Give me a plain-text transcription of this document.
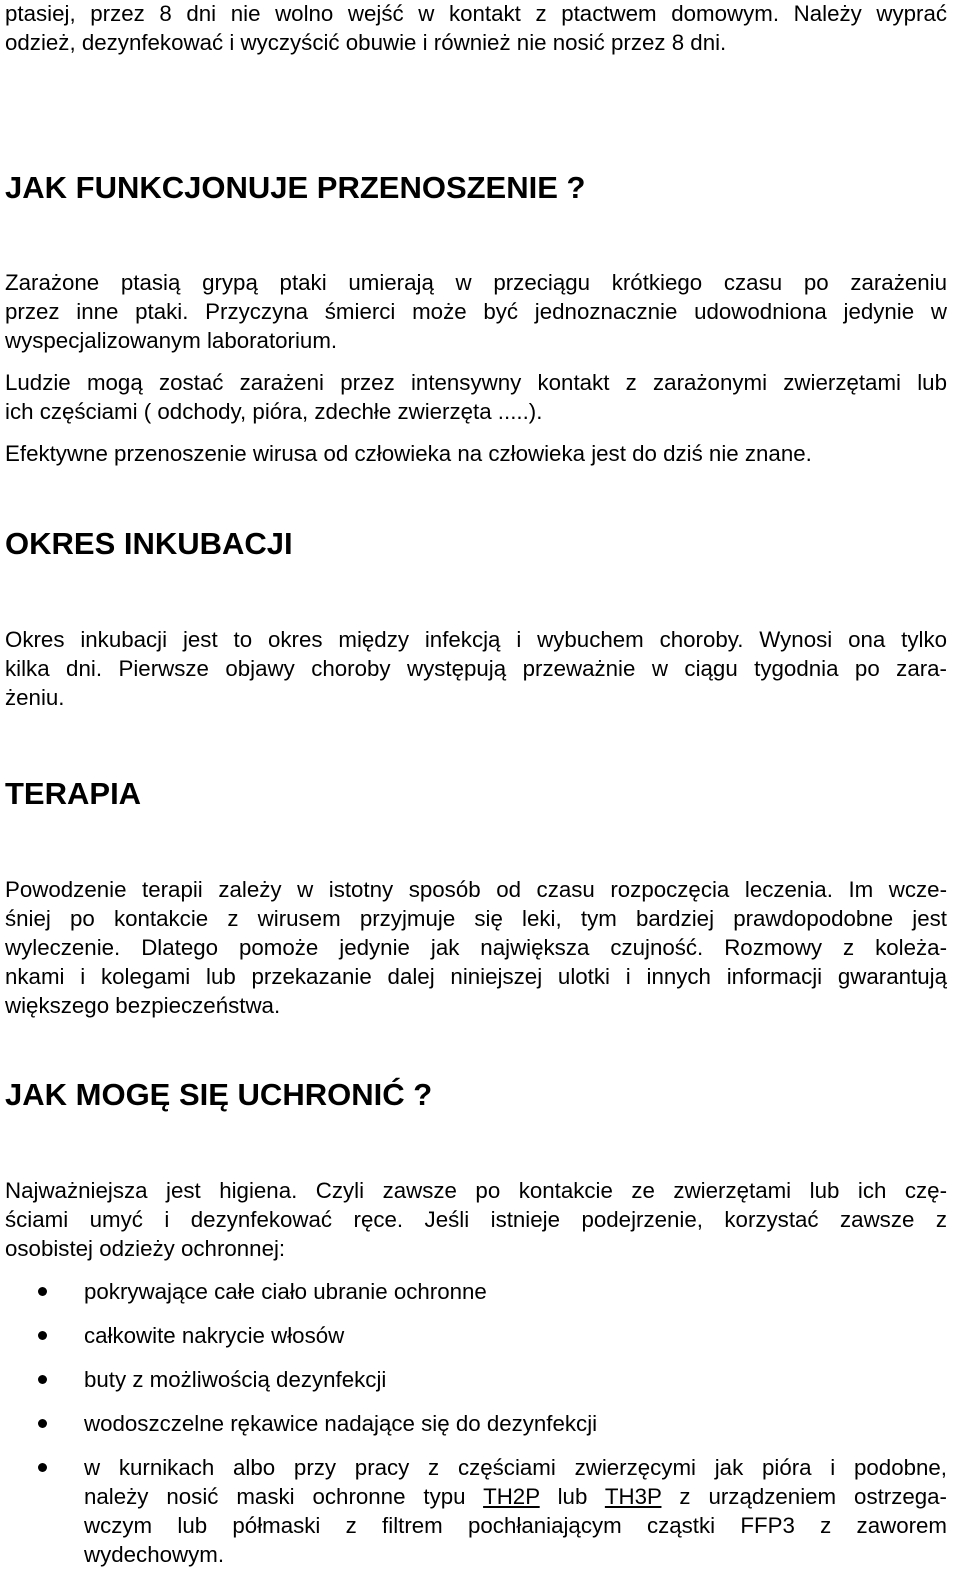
ptasiej, przez 8 dni nie wolno wejść w kontakt z ptactwem domowym. Należy wyprać
odzież, dezynfekować i wyczyścić obuwie i również nie nosić przez 8 dni.
JAK FUNKCJONUJE PRZENOSZENIE ?
Zarażone ptasią grypą ptaki umierają w przeciągu krótkiego czasu po zarażeniu
przez inne ptaki. Przyczyna śmierci może być jednoznacznie udowodniona jedynie w
wyspecjalizowanym laboratorium.
Ludzie mogą zostać zarażeni przez intensywny kontakt z zarażonymi zwierzętami lub
ich częściami ( odchody, pióra, zdechłe zwierzęta .....).
Efektywne przenoszenie wirusa od człowieka na człowieka jest do dziś nie znane.
OKRES INKUBACJI
Okres inkubacji jest to okres między infekcją i wybuchem choroby. Wynosi ona tylko
kilka dni. Pierwsze objawy choroby występują przeważnie w ciągu tygodnia po zara-
żeniu.
TERAPIA
Powodzenie terapii zależy w istotny sposób od czasu rozpoczęcia leczenia. Im wcze-
śniej po kontakcie z wirusem przyjmuje się leki, tym bardziej prawdopodobne jest
wyleczenie. Dlatego pomoże jedynie jak największa czujność. Rozmowy z koleża-
nkami i kolegami lub przekazanie dalej niniejszej ulotki i innych informacji gwarantują
większego bezpieczeństwa.
JAK MOGĘ SIĘ UCHRONIĆ ?
Najważniejsza jest higiena. Czyli zawsze po kontakcie ze zwierzętami lub ich czę-
ściami umyć i dezynfekować ręce. Jeśli istnieje podejrzenie, korzystać zawsze z
osobistej odzieży ochronnej:
pokrywające całe ciało ubranie ochronne
całkowite nakrycie włosów
buty z możliwością dezynfekcji
wodoszczelne rękawice nadające się do dezynfekcji
w kurnikach albo przy pracy z częściami zwierzęcymi jak pióra i podobne,
należy nosić maski ochronne typu TH2P lub TH3P z urządzeniem ostrzega-
wczym lub półmaski z filtrem pochłaniającym cząstki FFP3 z zaworem
wydechowym.
